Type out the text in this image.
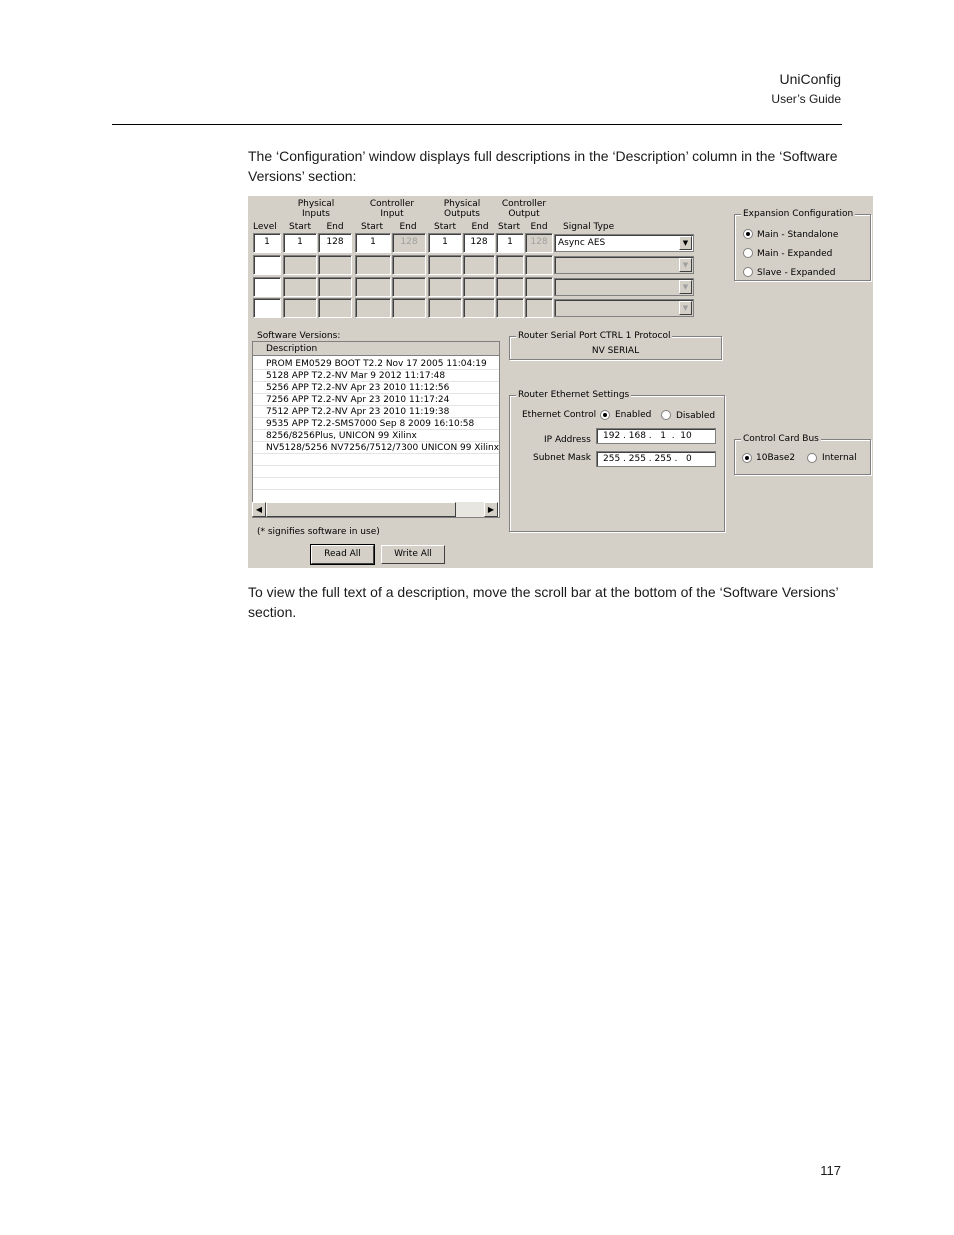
UniConfig
User’s Guide
The ‘Configuration’ window displays full descriptions in the ‘Description’ column in the ‘Software Versions’ section:
Physical
Inputs
Controller
Input
Physical
Outputs
Controller
Output
Level	Start	End	Start	End	Start	End	Start	End	Signal Type
1	1	128	1	128	1	128	1	128	Async AES	▼
▼
▼
▼
Expansion Configuration
Main - Standalone
Main - Expanded
Slave - Expanded
Software Versions:
Description
PROM EM0529 BOOT T2.2 Nov 17 2005 11:04:19
5128 APP T2.2-NV Mar 9 2012 11:17:48
5256 APP T2.2-NV Apr 23 2010 11:12:56
7256 APP T2.2-NV Apr 23 2010 11:17:24
7512 APP T2.2-NV Apr 23 2010 11:19:38
9535 APP T2.2-SMS7000 Sep 8 2009 16:10:58
8256/8256Plus, UNICON 99 Xilinx
NV5128/5256 NV7256/7512/7300 UNICON 99 Xilinx
◀	▶
(* signifies software in use)
Router Serial Port CTRL 1 Protocol
NV SERIAL
Router Ethernet Settings
Ethernet Control Enabled	Disabled
IP Address	192 . 168 .   1  .  10
Subnet Mask	255 . 255 . 255 .   0
Control Card Bus
10Base2	Internal
Read All	Write All
To view the full text of a description, move the scroll bar at the bottom of the ‘Software Versions’ section.
117
